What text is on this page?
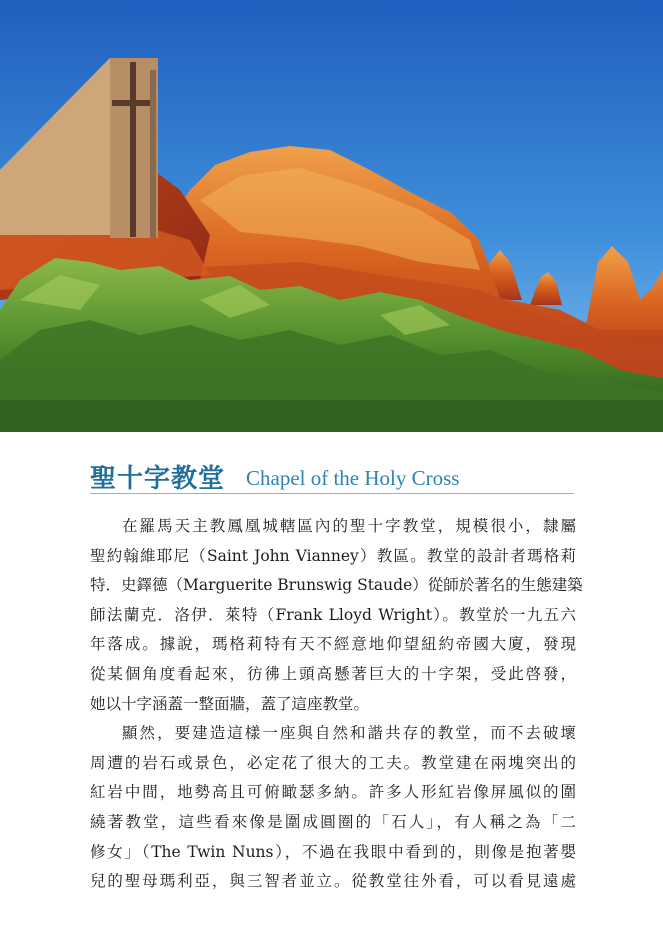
聖十字教堂 Chapel of the Holy Cross
在羅馬天主教鳳凰城轄區內的聖十字教堂，規模很小，隸屬
聖約翰維耶尼（Saint John Vianney）教區。教堂的設計者瑪格莉
特．史鐸德（Marguerite Brunswig Staude）從師於著名的生態建築
師法蘭克．洛伊．萊特（Frank Lloyd Wright）。教堂於一九五六
年落成。據說，瑪格莉特有天不經意地仰望紐約帝國大廈，發現
從某個角度看起來，彷彿上頭高懸著巨大的十字架，受此啓發，
她以十字涵蓋一整面牆，蓋了這座教堂。
顯然，要建造這樣一座與自然和諧共存的教堂，而不去破壞
周遭的岩石或景色，必定花了很大的工夫。教堂建在兩塊突出的
紅岩中間，地勢高且可俯瞰瑟多納。許多人形紅岩像屏風似的圍
繞著教堂，這些看來像是圍成圓圈的「石人」，有人稱之為「二
修女」（The Twin Nuns），不過在我眼中看到的，則像是抱著嬰
兒的聖母瑪利亞，與三智者並立。從教堂往外看，可以看見遠處
